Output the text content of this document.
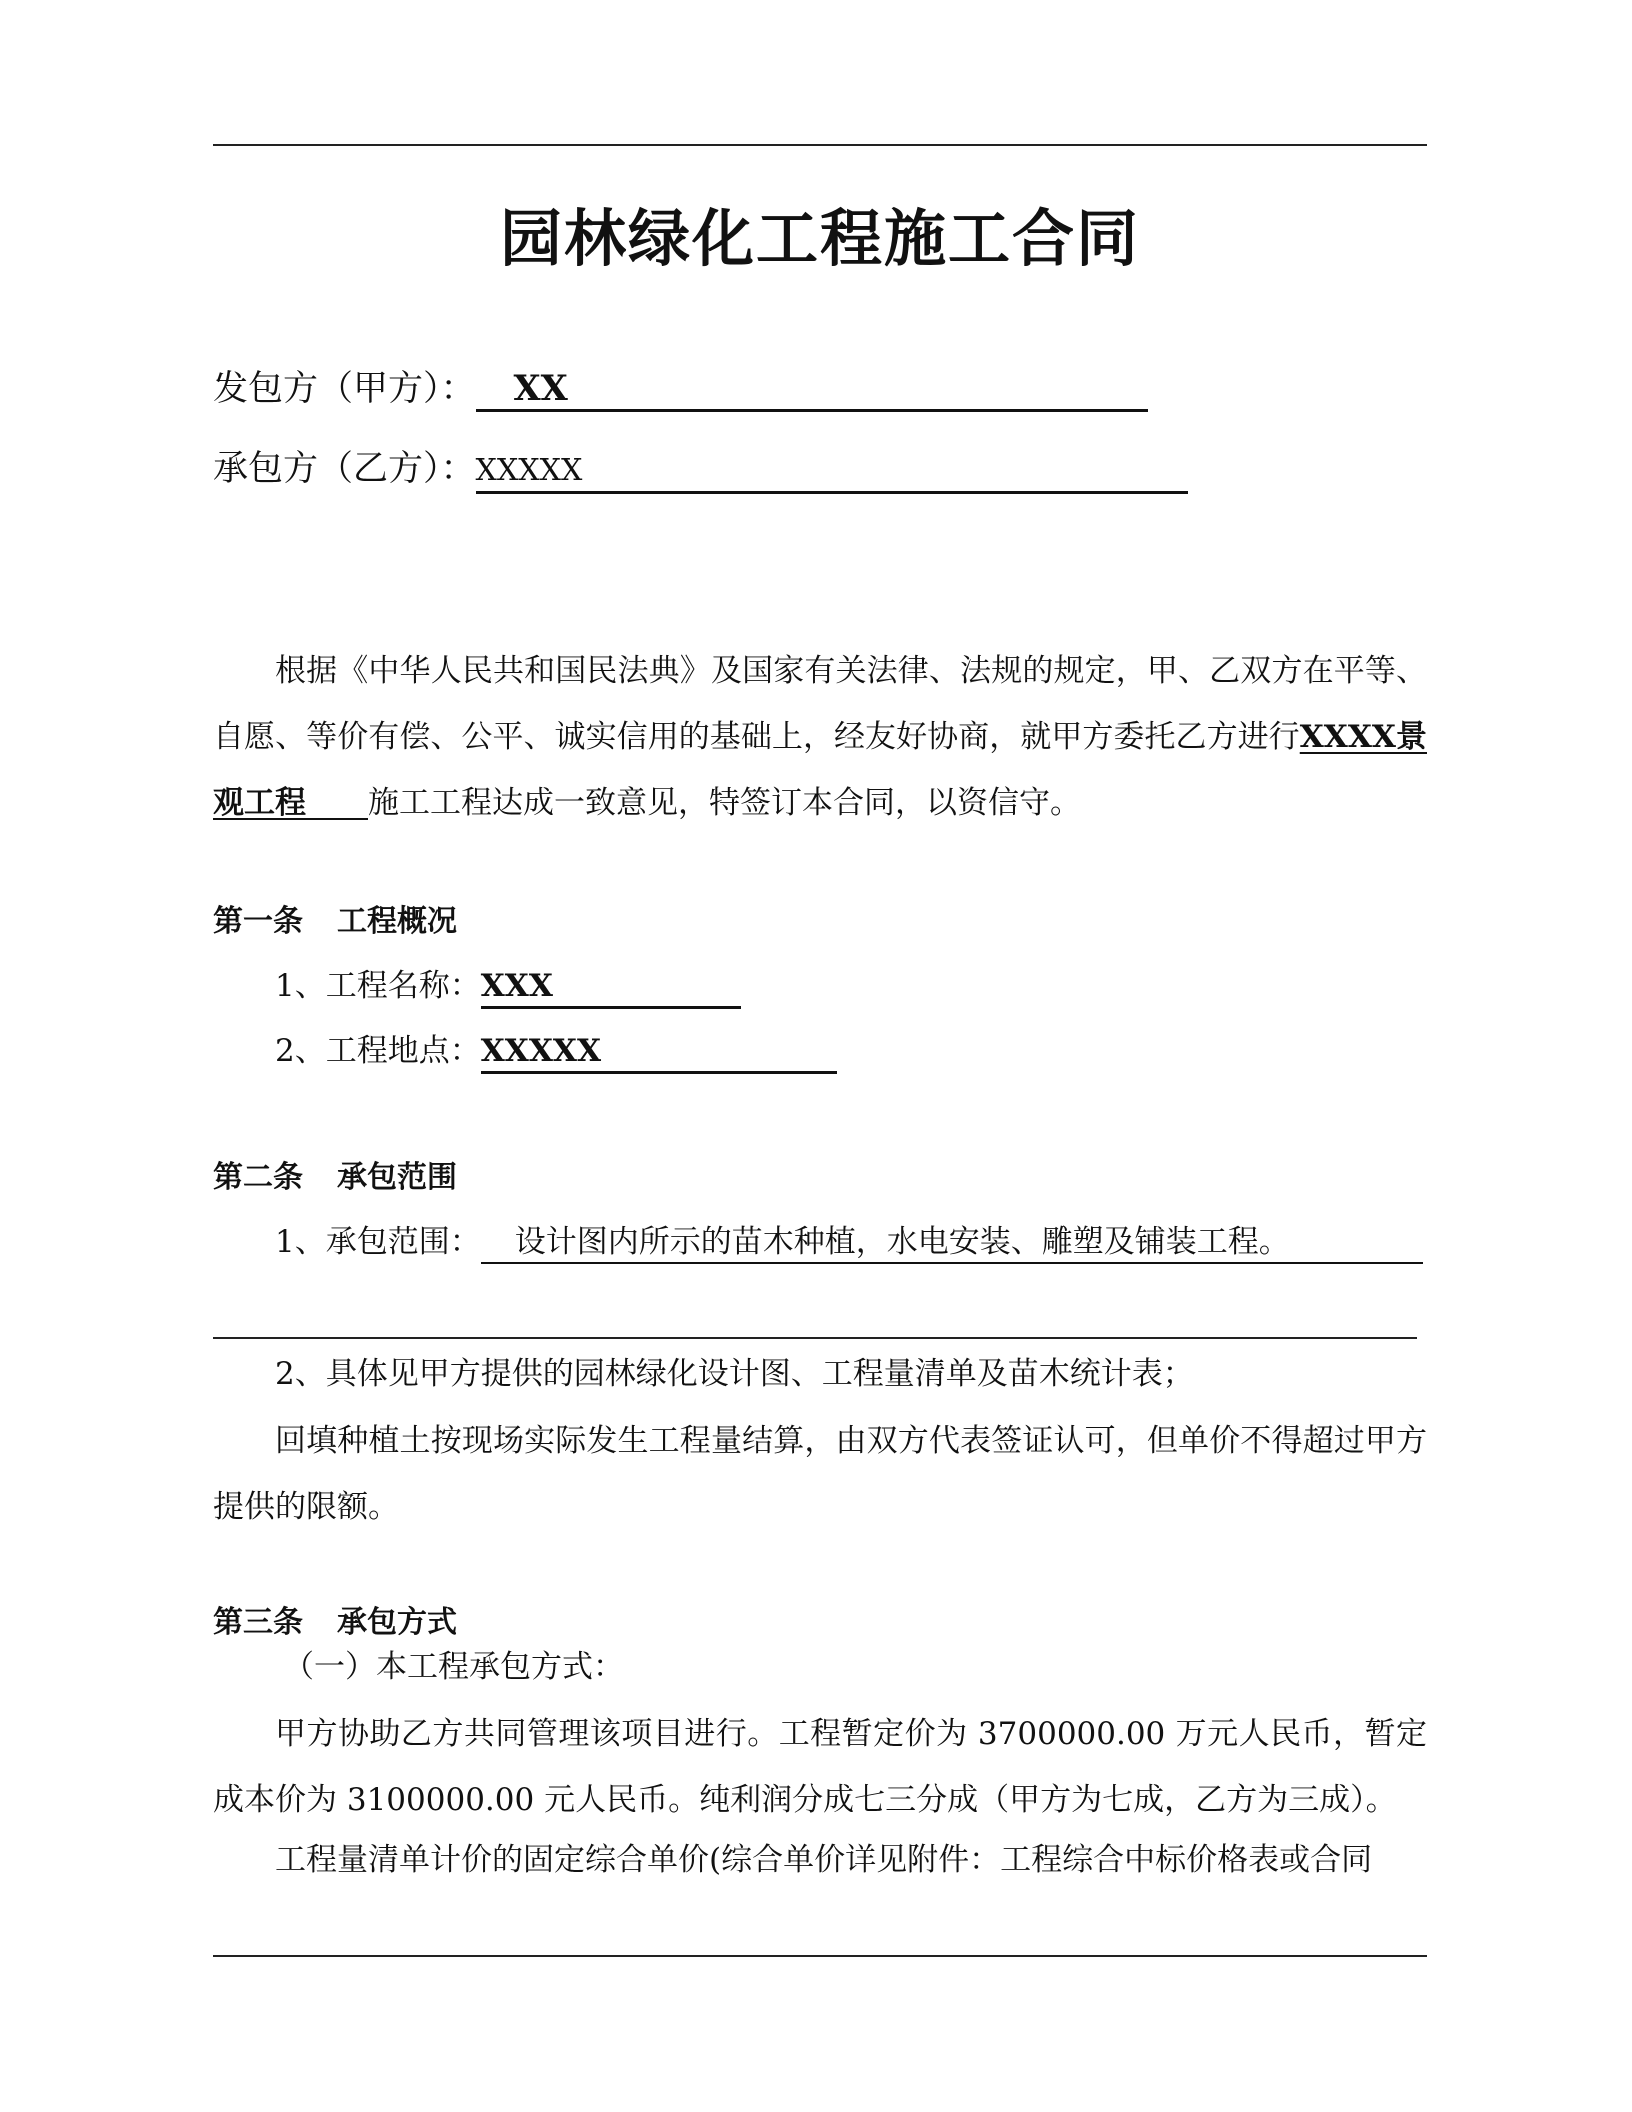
园林绿化工程施工合同
发包方（甲方）： XX
承包方（乙方）：XXXXX
根据《中华人民共和国民法典》及国家有关法律、法规的规定，甲、乙双方在平等、自愿、等价有偿、公平、诚实信用的基础上，经友好协商，就甲方委托乙方进行XXXX景观工程　　 施工工程达成一致意见，特签订本合同，以资信守。
第一条 工程概况
1、工程名称：XXX
2、工程地点：XXXXX
第二条 承包范围
1、承包范围： 设计图内所示的苗木种植，水电安装、雕塑及铺装工程。
2、具体见甲方提供的园林绿化设计图、工程量清单及苗木统计表；
回填种植土按现场实际发生工程量结算，由双方代表签证认可，但单价不得超过甲方提供的限额。
第三条 承包方式
（一）本工程承包方式：
甲方协助乙方共同管理该项目进行。工程暂定价为 3700000.00 万元人民币，暂定成本价为 3100000.00 元人民币。纯利润分成七三分成（甲方为七成，乙方为三成）。
工程量清单计价的固定综合单价(综合单价详见附件：工程综合中标价格表或合同
